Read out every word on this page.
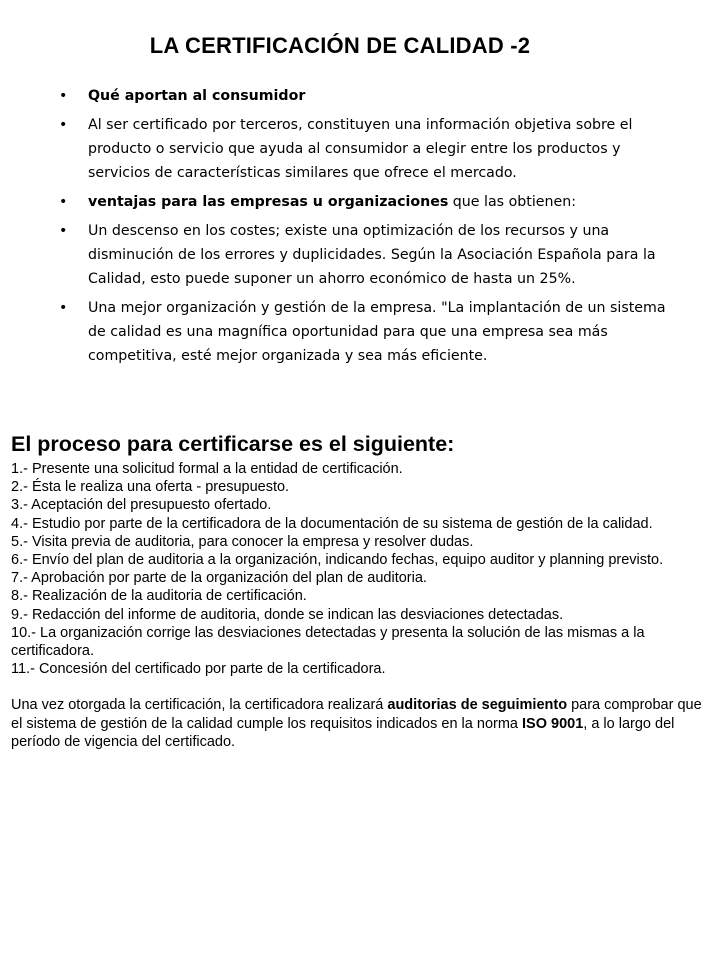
LA CERTIFICACIÓN DE CALIDAD -2
• Qué aportan al consumidor
• Al ser certificado por terceros, constituyen una información objetiva sobre el producto o servicio que ayuda al consumidor a elegir entre los productos y servicios de características similares que ofrece el mercado.
• ventajas para las empresas u organizaciones que las obtienen:
• Un descenso en los costes; existe una optimización de los recursos y una disminución de los errores y duplicidades. Según la Asociación Española para la Calidad, esto puede suponer un ahorro económico de hasta un 25%.
• Una mejor organización y gestión de la empresa. "La implantación de un sistema de calidad es una magnífica oportunidad para que una empresa sea más competitiva, esté mejor organizada y sea más eficiente.
El proceso para certificarse es el siguiente:
1.- Presente una solicitud formal a la entidad de certificación.
2.- Ésta le realiza una oferta - presupuesto.
3.- Aceptación del presupuesto ofertado.
4.- Estudio por parte de la certificadora de la documentación de su sistema de gestión de la calidad.
5.- Visita previa de auditoria, para conocer la empresa y resolver dudas.
6.- Envío del plan de auditoria a la organización, indicando fechas, equipo auditor y planning previsto.
7.- Aprobación por parte de la organización del plan de auditoria.
8.- Realización de la auditoria de certificación.
9.- Redacción del informe de auditoria, donde se indican las desviaciones detectadas.
10.- La organización corrige las desviaciones detectadas y presenta la solución de las mismas a la certificadora.
11.- Concesión del certificado por parte de la certificadora.

Una vez otorgada la certificación, la certificadora realizará auditorias de seguimiento para comprobar que el sistema de gestión de la calidad cumple los requisitos indicados en la norma ISO 9001, a lo largo del período de vigencia del certificado.
